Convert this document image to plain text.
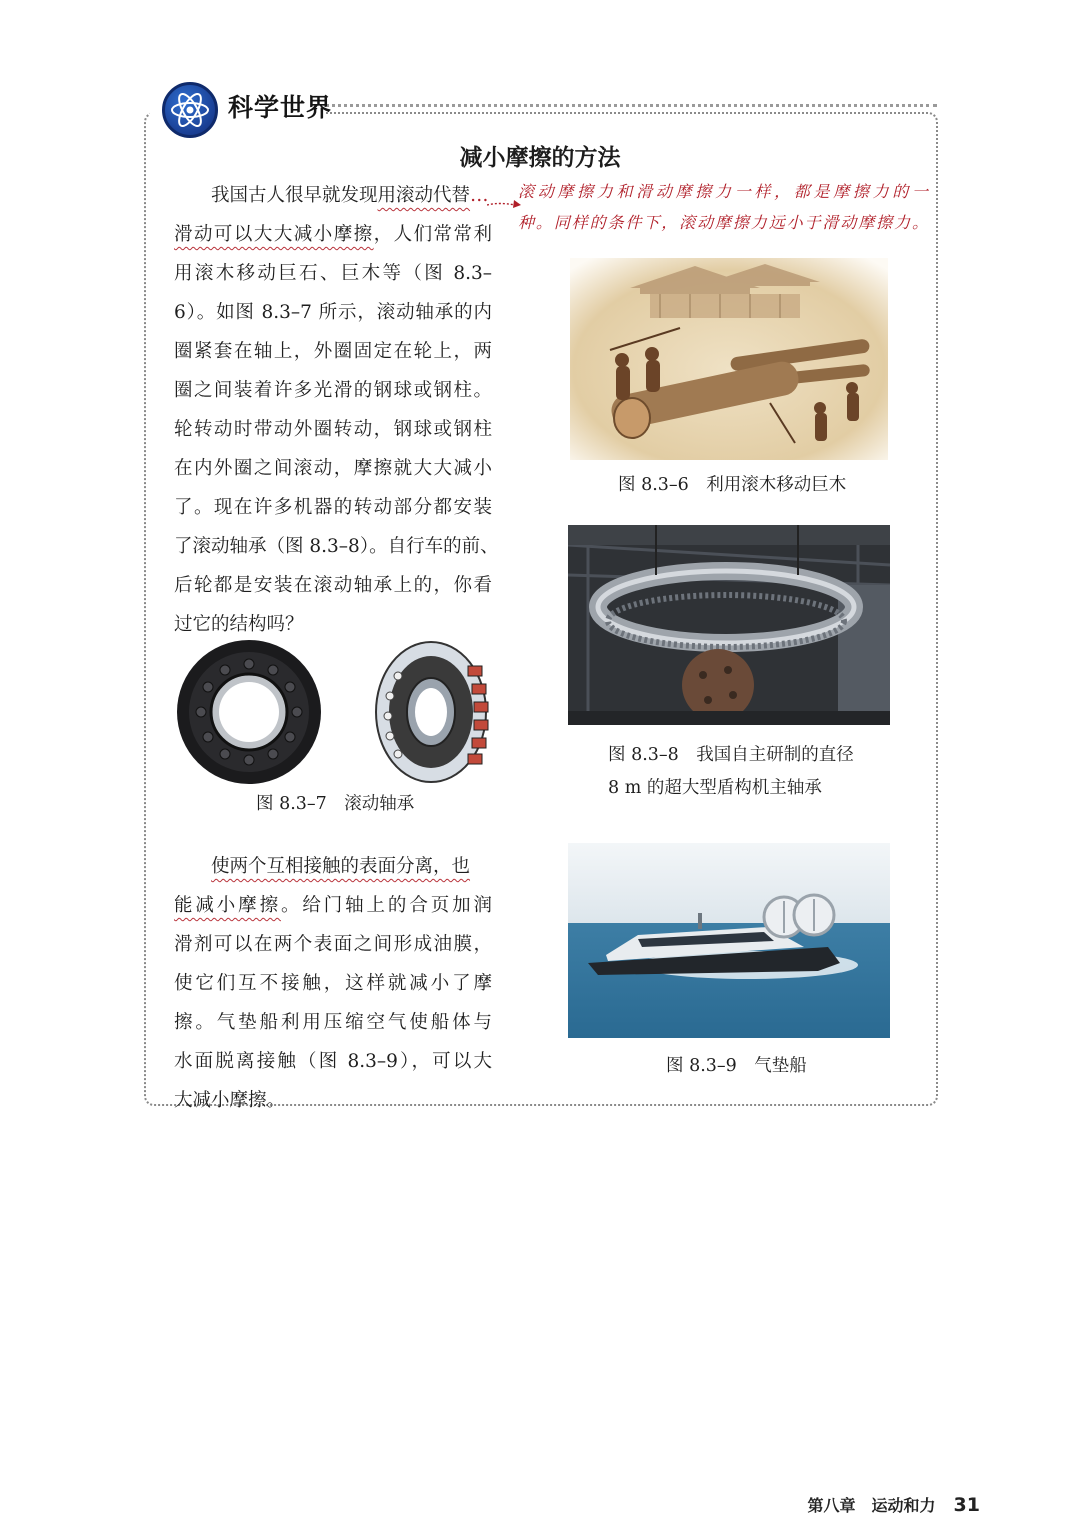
科学世界
减小摩擦的方法
我国古人很早就发现用滚动代替…
滑动可以大大减小摩擦，人们常常利
用滚木移动巨石、巨木等（图 8.3–
6）。如图 8.3–7 所示，滚动轴承的内
圈紧套在轴上，外圈固定在轮上，两
圈之间装着许多光滑的钢球或钢柱。
轮转动时带动外圈转动，钢球或钢柱
在内外圈之间滚动，摩擦就大大减小
了。现在许多机器的转动部分都安装
了滚动轴承（图 8.3–8）。自行车的前、
后轮都是安装在滚动轴承上的，你看
过它的结构吗？
滚动摩擦力和滑动摩擦力一样，都是摩擦力的一
种。同样的条件下，滚动摩擦力远小于滑动摩擦力。
图 8.3–6　利用滚木移动巨木
图 8.3–7　滚动轴承
图 8.3–8　我国自主研制的直径
8 m 的超大型盾构机主轴承
使两个互相接触的表面分离，也
能减小摩擦。给门轴上的合页加润
滑剂可以在两个表面之间形成油膜，
使它们互不接触，这样就减小了摩
擦。气垫船利用压缩空气使船体与
水面脱离接触（图 8.3–9），可以大
大减小摩擦。
图 8.3–9　气垫船
第八章　运动和力 31
